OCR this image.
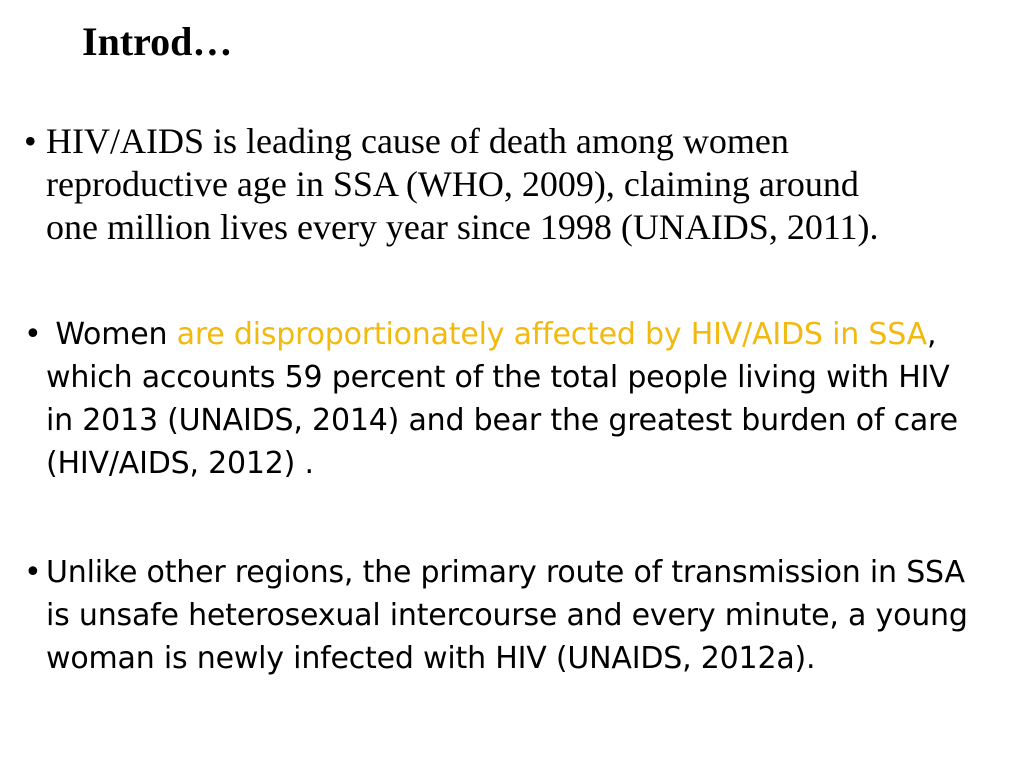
Introd…
• HIV/AIDS is leading cause of death among women
reproductive age in SSA (WHO, 2009), claiming around
one million lives every year since 1998 (UNAIDS, 2011).
• Women are disproportionately affected by HIV/AIDS in SSA, which accounts 59 percent of the total people living with HIV in 2013 (UNAIDS, 2014) and bear the greatest burden of care (HIV/AIDS, 2012) .
• Unlike other regions, the primary route of transmission in SSA is unsafe heterosexual intercourse and every minute, a young woman is newly infected with HIV (UNAIDS, 2012a).
